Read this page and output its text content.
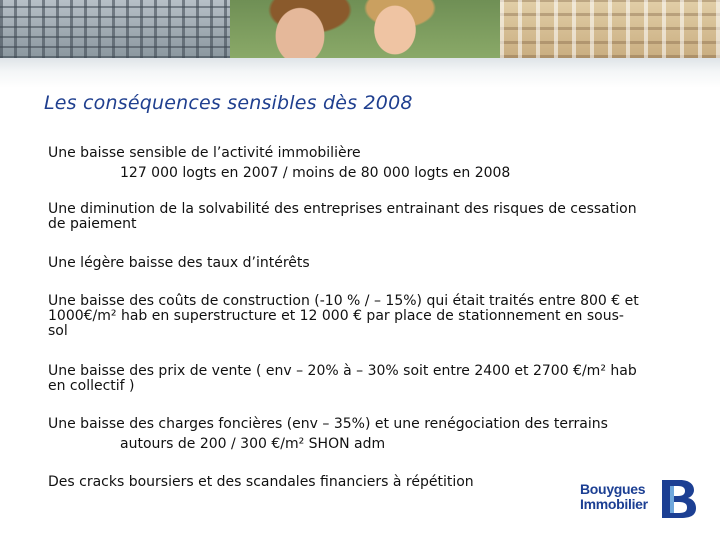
Les conséquences sensibles dès 2008
Une baisse sensible de l’activité immobilière
127 000 logts en 2007 / moins de 80 000 logts en 2008
Une diminution de la solvabilité des entreprises entrainant des risques de cessation
de paiement
Une légère baisse des taux d’intérêts
Une baisse des coûts de construction (-10 % / – 15%) qui était traités entre 800 € et
1000€/m² hab en superstructure et 12 000 € par place de stationnement en sous-
sol
Une baisse des prix de vente ( env – 20% à – 30% soit entre 2400 et 2700 €/m² hab
en collectif )
Une baisse des charges foncières (env – 35%) et une renégociation des terrains
autours de 200 / 300 €/m² SHON adm
Des cracks boursiers et des scandales financiers à répétition	Bouygues
Immobilier
